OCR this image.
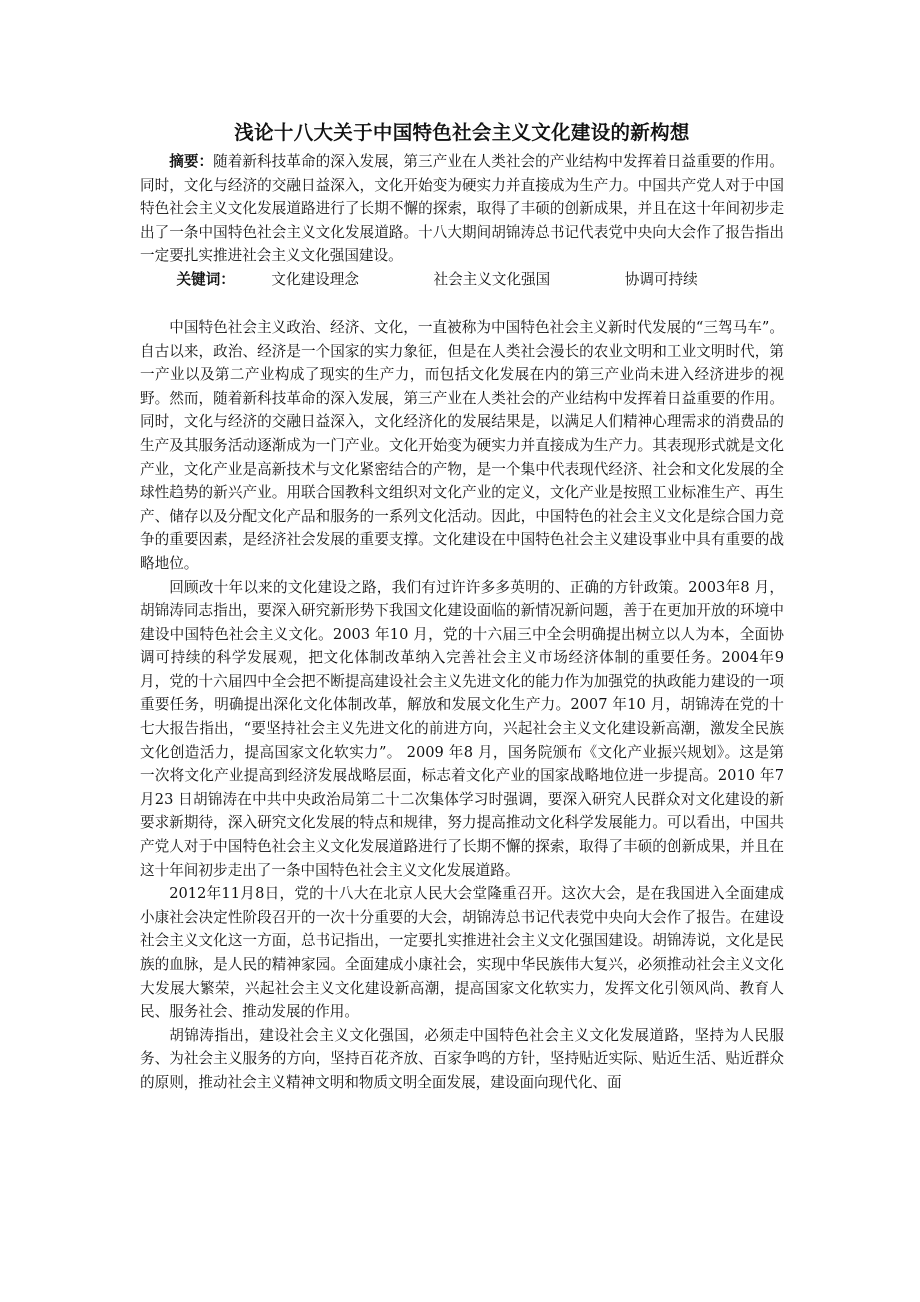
浅论十八大关于中国特色社会主义文化建设的新构想

摘要：随着新科技革命的深入发展，第三产业在人类社会的产业结构中发挥着日益重要的作用。同时，文化与经济的交融日益深入，文化开始变为硬实力并直接成为生产力。中国共产党人对于中国特色社会主义文化发展道路进行了长期不懈的探索，取得了丰硕的创新成果，并且在这十年间初步走出了一条中国特色社会主义文化发展道路。十八大期间胡锦涛总书记代表党中央向大会作了报告指出一定要扎实推进社会主义文化强国建设。

关键词：	文化建设理念	社会主义文化强国	协调可持续

中国特色社会主义政治、经济、文化，一直被称为中国特色社会主义新时代发展的“三驾马车”。自古以来，政治、经济是一个国家的实力象征，但是在人类社会漫长的农业文明和工业文明时代，第一产业以及第二产业构成了现实的生产力，而包括文化发展在内的第三产业尚未进入经济进步的视野。然而，随着新科技革命的深入发展，第三产业在人类社会的产业结构中发挥着日益重要的作用。同时，文化与经济的交融日益深入，文化经济化的发展结果是，以满足人们精神心理需求的消费品的生产及其服务活动逐渐成为一门产业。文化开始变为硬实力并直接成为生产力。其表现形式就是文化产业，文化产业是高新技术与文化紧密结合的产物，是一个集中代表现代经济、社会和文化发展的全球性趋势的新兴产业。用联合国教科文组织对文化产业的定义，文化产业是按照工业标准生产、再生产、储存以及分配文化产品和服务的一系列文化活动。因此，中国特色的社会主义文化是综合国力竞争的重要因素，是经济社会发展的重要支撑。文化建设在中国特色社会主义建设事业中具有重要的战略地位。

回顾改十年以来的文化建设之路，我们有过许许多多英明的、正确的方针政策。2003年8 月，胡锦涛同志指出，要深入研究新形势下我国文化建设面临的新情况新问题，善于在更加开放的环境中建设中国特色社会主义文化。2003 年10 月，党的十六届三中全会明确提出树立以人为本，全面协调可持续的科学发展观，把文化体制改革纳入完善社会主义市场经济体制的重要任务。2004年9月，党的十六届四中全会把不断提高建设社会主义先进文化的能力作为加强党的执政能力建设的一项重要任务，明确提出深化文化体制改革，解放和发展文化生产力。2007 年10 月，胡锦涛在党的十七大报告指出，“要坚持社会主义先进文化的前进方向，兴起社会主义文化建设新高潮，激发全民族文化创造活力，提高国家文化软实力”。 2009 年8 月，国务院颁布《文化产业振兴规划》。这是第一次将文化产业提高到经济发展战略层面，标志着文化产业的国家战略地位进一步提高。2010 年7 月23 日胡锦涛在中共中央政治局第二十二次集体学习时强调，要深入研究人民群众对文化建设的新要求新期待，深入研究文化发展的特点和规律，努力提高推动文化科学发展能力。可以看出，中国共产党人对于中国特色社会主义文化发展道路进行了长期不懈的探索，取得了丰硕的创新成果，并且在这十年间初步走出了一条中国特色社会主义文化发展道路。

2012年11月8日，党的十八大在北京人民大会堂隆重召开。这次大会，是在我国进入全面建成小康社会决定性阶段召开的一次十分重要的大会，胡锦涛总书记代表党中央向大会作了报告。在建设社会主义文化这一方面，总书记指出，一定要扎实推进社会主义文化强国建设。胡锦涛说，文化是民族的血脉，是人民的精神家园。全面建成小康社会，实现中华民族伟大复兴，必须推动社会主义文化大发展大繁荣，兴起社会主义文化建设新高潮，提高国家文化软实力，发挥文化引领风尚、教育人民、服务社会、推动发展的作用。

胡锦涛指出，建设社会主义文化强国，必须走中国特色社会主义文化发展道路，坚持为人民服务、为社会主义服务的方向，坚持百花齐放、百家争鸣的方针，坚持贴近实际、贴近生活、贴近群众的原则，推动社会主义精神文明和物质文明全面发展，建设面向现代化、面
